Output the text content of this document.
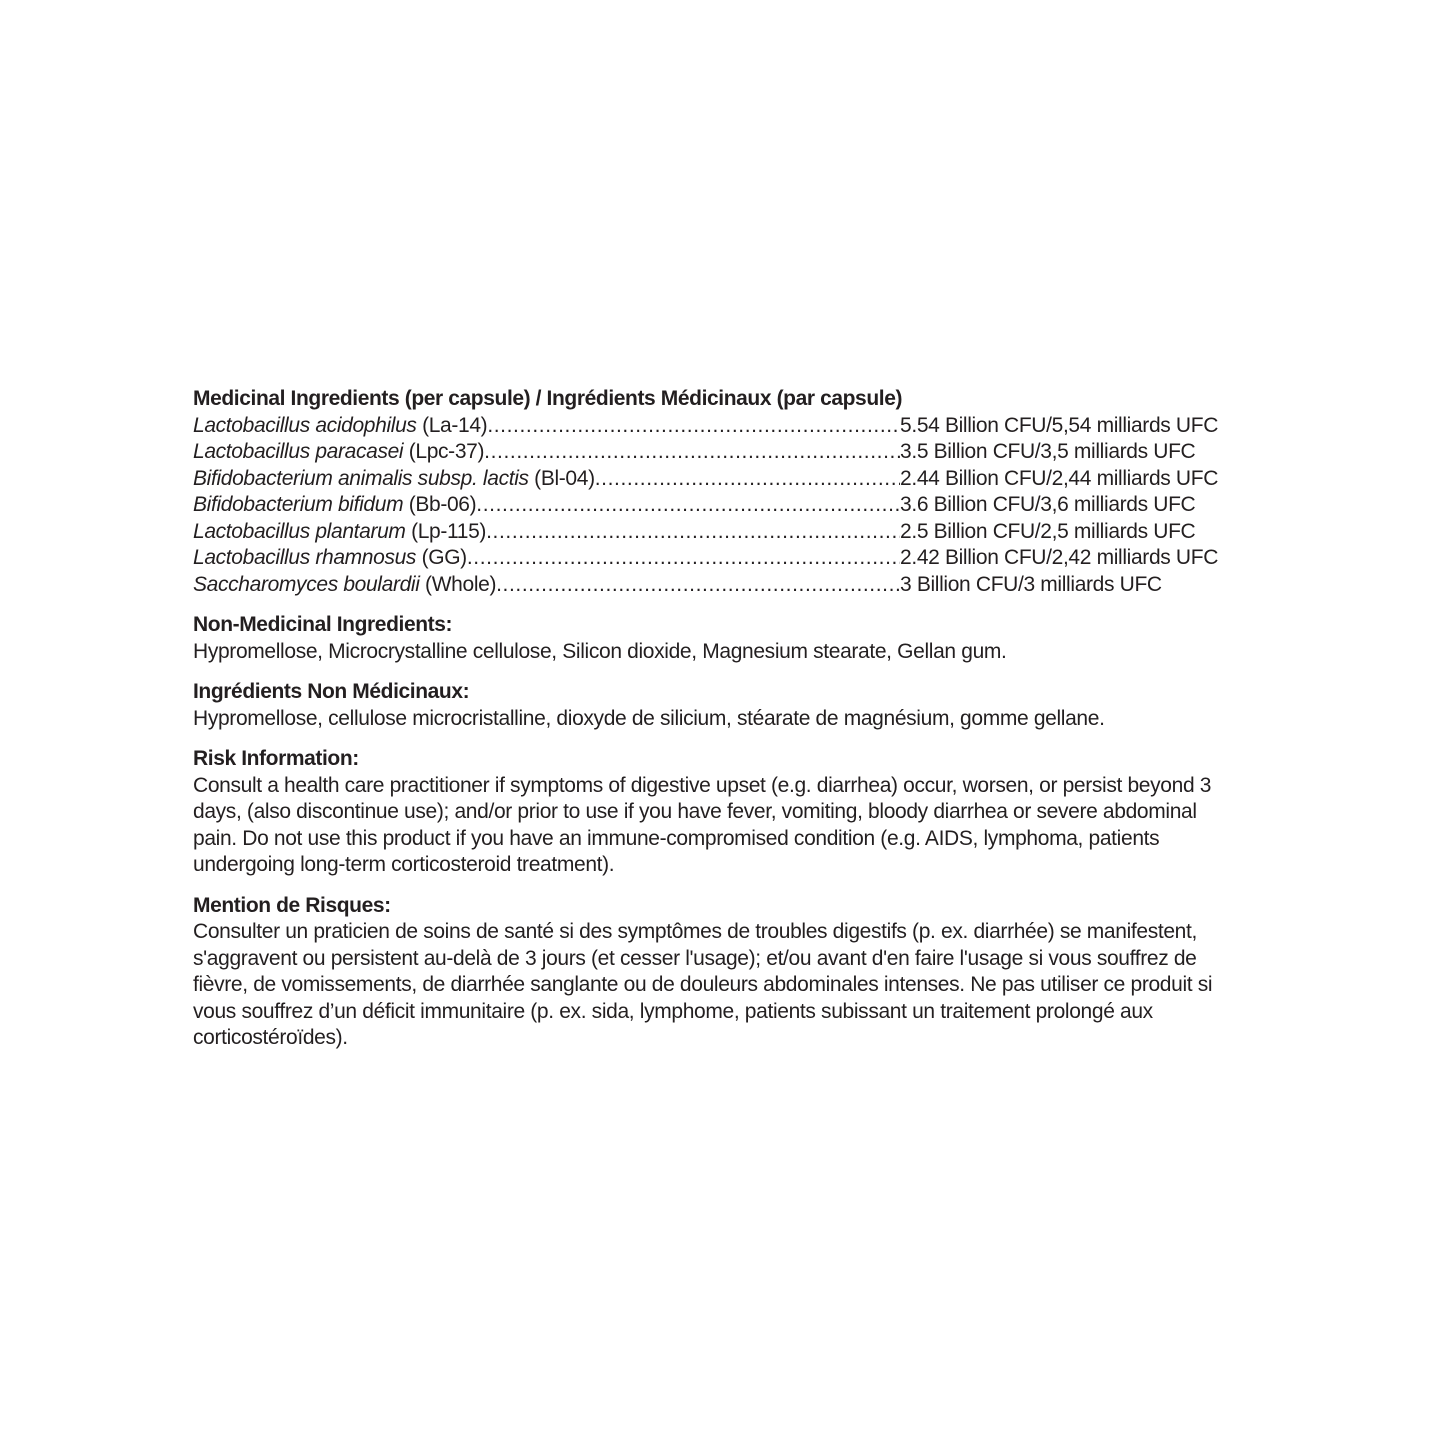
Medicinal Ingredients (per capsule) / Ingrédients Médicinaux (par capsule)
Lactobacillus acidophilus (La-14) .....	5.54 Billion CFU/5,54 milliards UFC
Lactobacillus paracasei (Lpc-37) .....	3.5 Billion CFU/3,5 milliards UFC
Bifidobacterium animalis subsp. lactis (Bl-04) .....	2.44 Billion CFU/2,44 milliards UFC
Bifidobacterium bifidum (Bb-06) .....	3.6 Billion CFU/3,6 milliards UFC
Lactobacillus plantarum (Lp-115) .....	2.5 Billion CFU/2,5 milliards UFC
Lactobacillus rhamnosus (GG) .....	2.42 Billion CFU/2,42 milliards UFC
Saccharomyces boulardii (Whole) .....	3 Billion CFU/3 milliards UFC
Non-Medicinal Ingredients:

Hypromellose, Microcrystalline cellulose, Silicon dioxide, Magnesium stearate, Gellan gum.

Ingrédients Non Médicinaux:

Hypromellose, cellulose microcristalline, dioxyde de silicium, stéarate de magnésium, gomme gellane.

Risk Information:

Consult a health care practitioner if symptoms of digestive upset (e.g. diarrhea) occur, worsen, or persist beyond 3 days, (also discontinue use); and/or prior to use if you have fever, vomiting, bloody diarrhea or severe abdominal pain. Do not use this product if you have an immune-compromised condition (e.g. AIDS, lymphoma, patients undergoing long-term corticosteroid treatment).

Mention de Risques:

Consulter un praticien de soins de santé si des symptômes de troubles digestifs (p. ex. diarrhée) se manifestent, s'aggravent ou persistent au-delà de 3 jours (et cesser l'usage); et/ou avant d'en faire l'usage si vous souffrez de fièvre, de vomissements, de diarrhée sanglante ou de douleurs abdominales intenses. Ne pas utiliser ce produit si vous souffrez d’un déficit immunitaire (p. ex. sida, lymphome, patients subissant un traitement prolongé aux corticostéroïdes).
